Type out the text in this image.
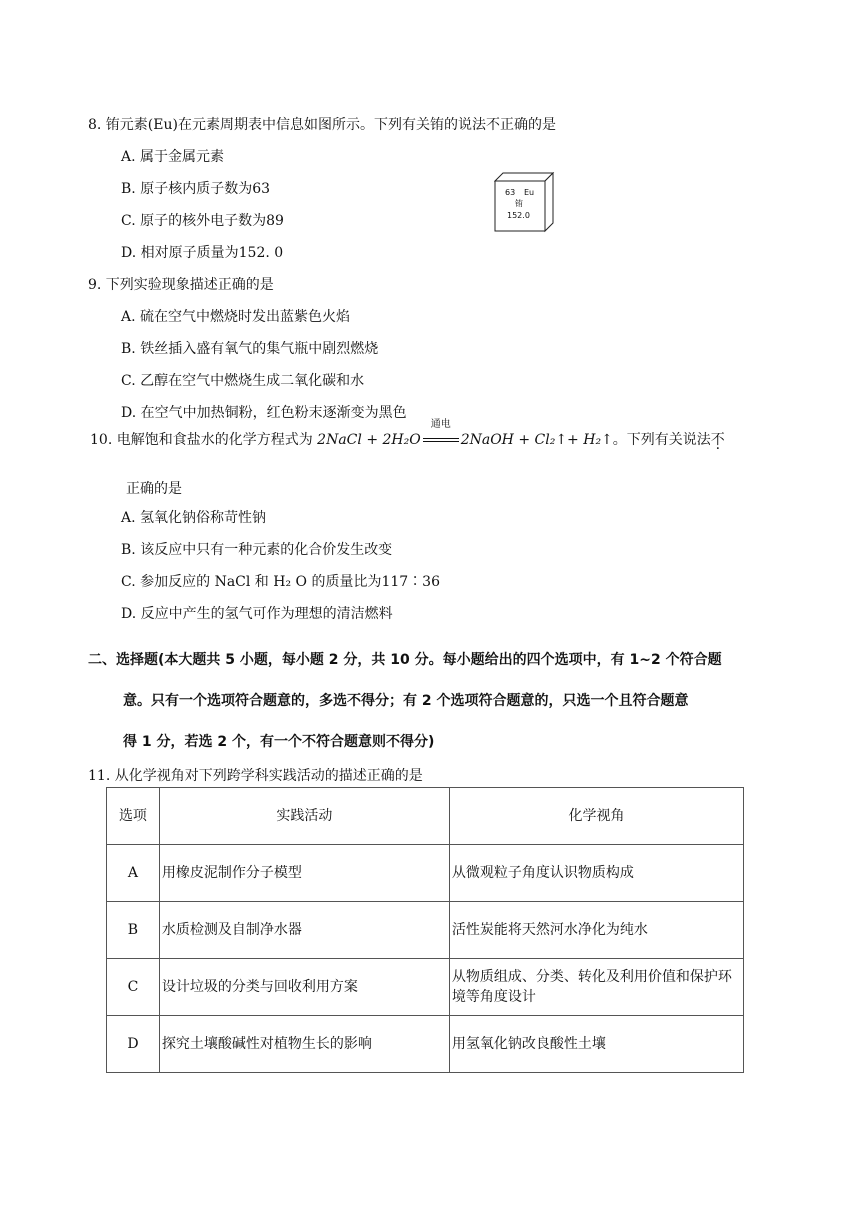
8. 铕元素(Eu)在元素周期表中信息如图所示。下列有关铕的说法不正确的是
A. 属于金属元素
B. 原子核内质子数为63
C. 原子的核外电子数为89
D. 相对原子质量为152. 0
63 Eu
铕
152.0
9. 下列实验现象描述正确的是
A. 硫在空气中燃烧时发出蓝紫色火焰
B. 铁丝插入盛有氧气的集气瓶中剧烈燃烧
C. 乙醇在空气中燃烧生成二氧化碳和水
D. 在空气中加热铜粉，红色粉末逐渐变为黑色
10. 电解饱和食盐水的化学方程式为 2NaCl + 2H₂O
通电
2NaOH + Cl₂↑+ H₂↑。下列有关说法不
正确的是
A. 氢氧化钠俗称苛性钠
B. 该反应中只有一种元素的化合价发生改变
C. 参加反应的 NaCl 和 H₂ O 的质量比为117∶36
D. 反应中产生的氢气可作为理想的清洁燃料
二、选择题(本大题共 5 小题，每小题 2 分，共 10 分。每小题给出的四个选项中，有 1~2 个符合题
意。只有一个选项符合题意的，多选不得分；有 2 个选项符合题意的，只选一个且符合题意
得 1 分，若选 2 个，有一个不符合题意则不得分)
11. 从化学视角对下列跨学科实践活动的描述正确的是
选项	实践活动	化学视角
A	用橡皮泥制作分子模型	从微观粒子角度认识物质构成
B	水质检测及自制净水器	活性炭能将天然河水净化为纯水
C	设计垃圾的分类与回收利用方案	从物质组成、分类、转化及利用价值和保护环境等角度设计
D	探究土壤酸碱性对植物生长的影响	用氢氧化钠改良酸性土壤
